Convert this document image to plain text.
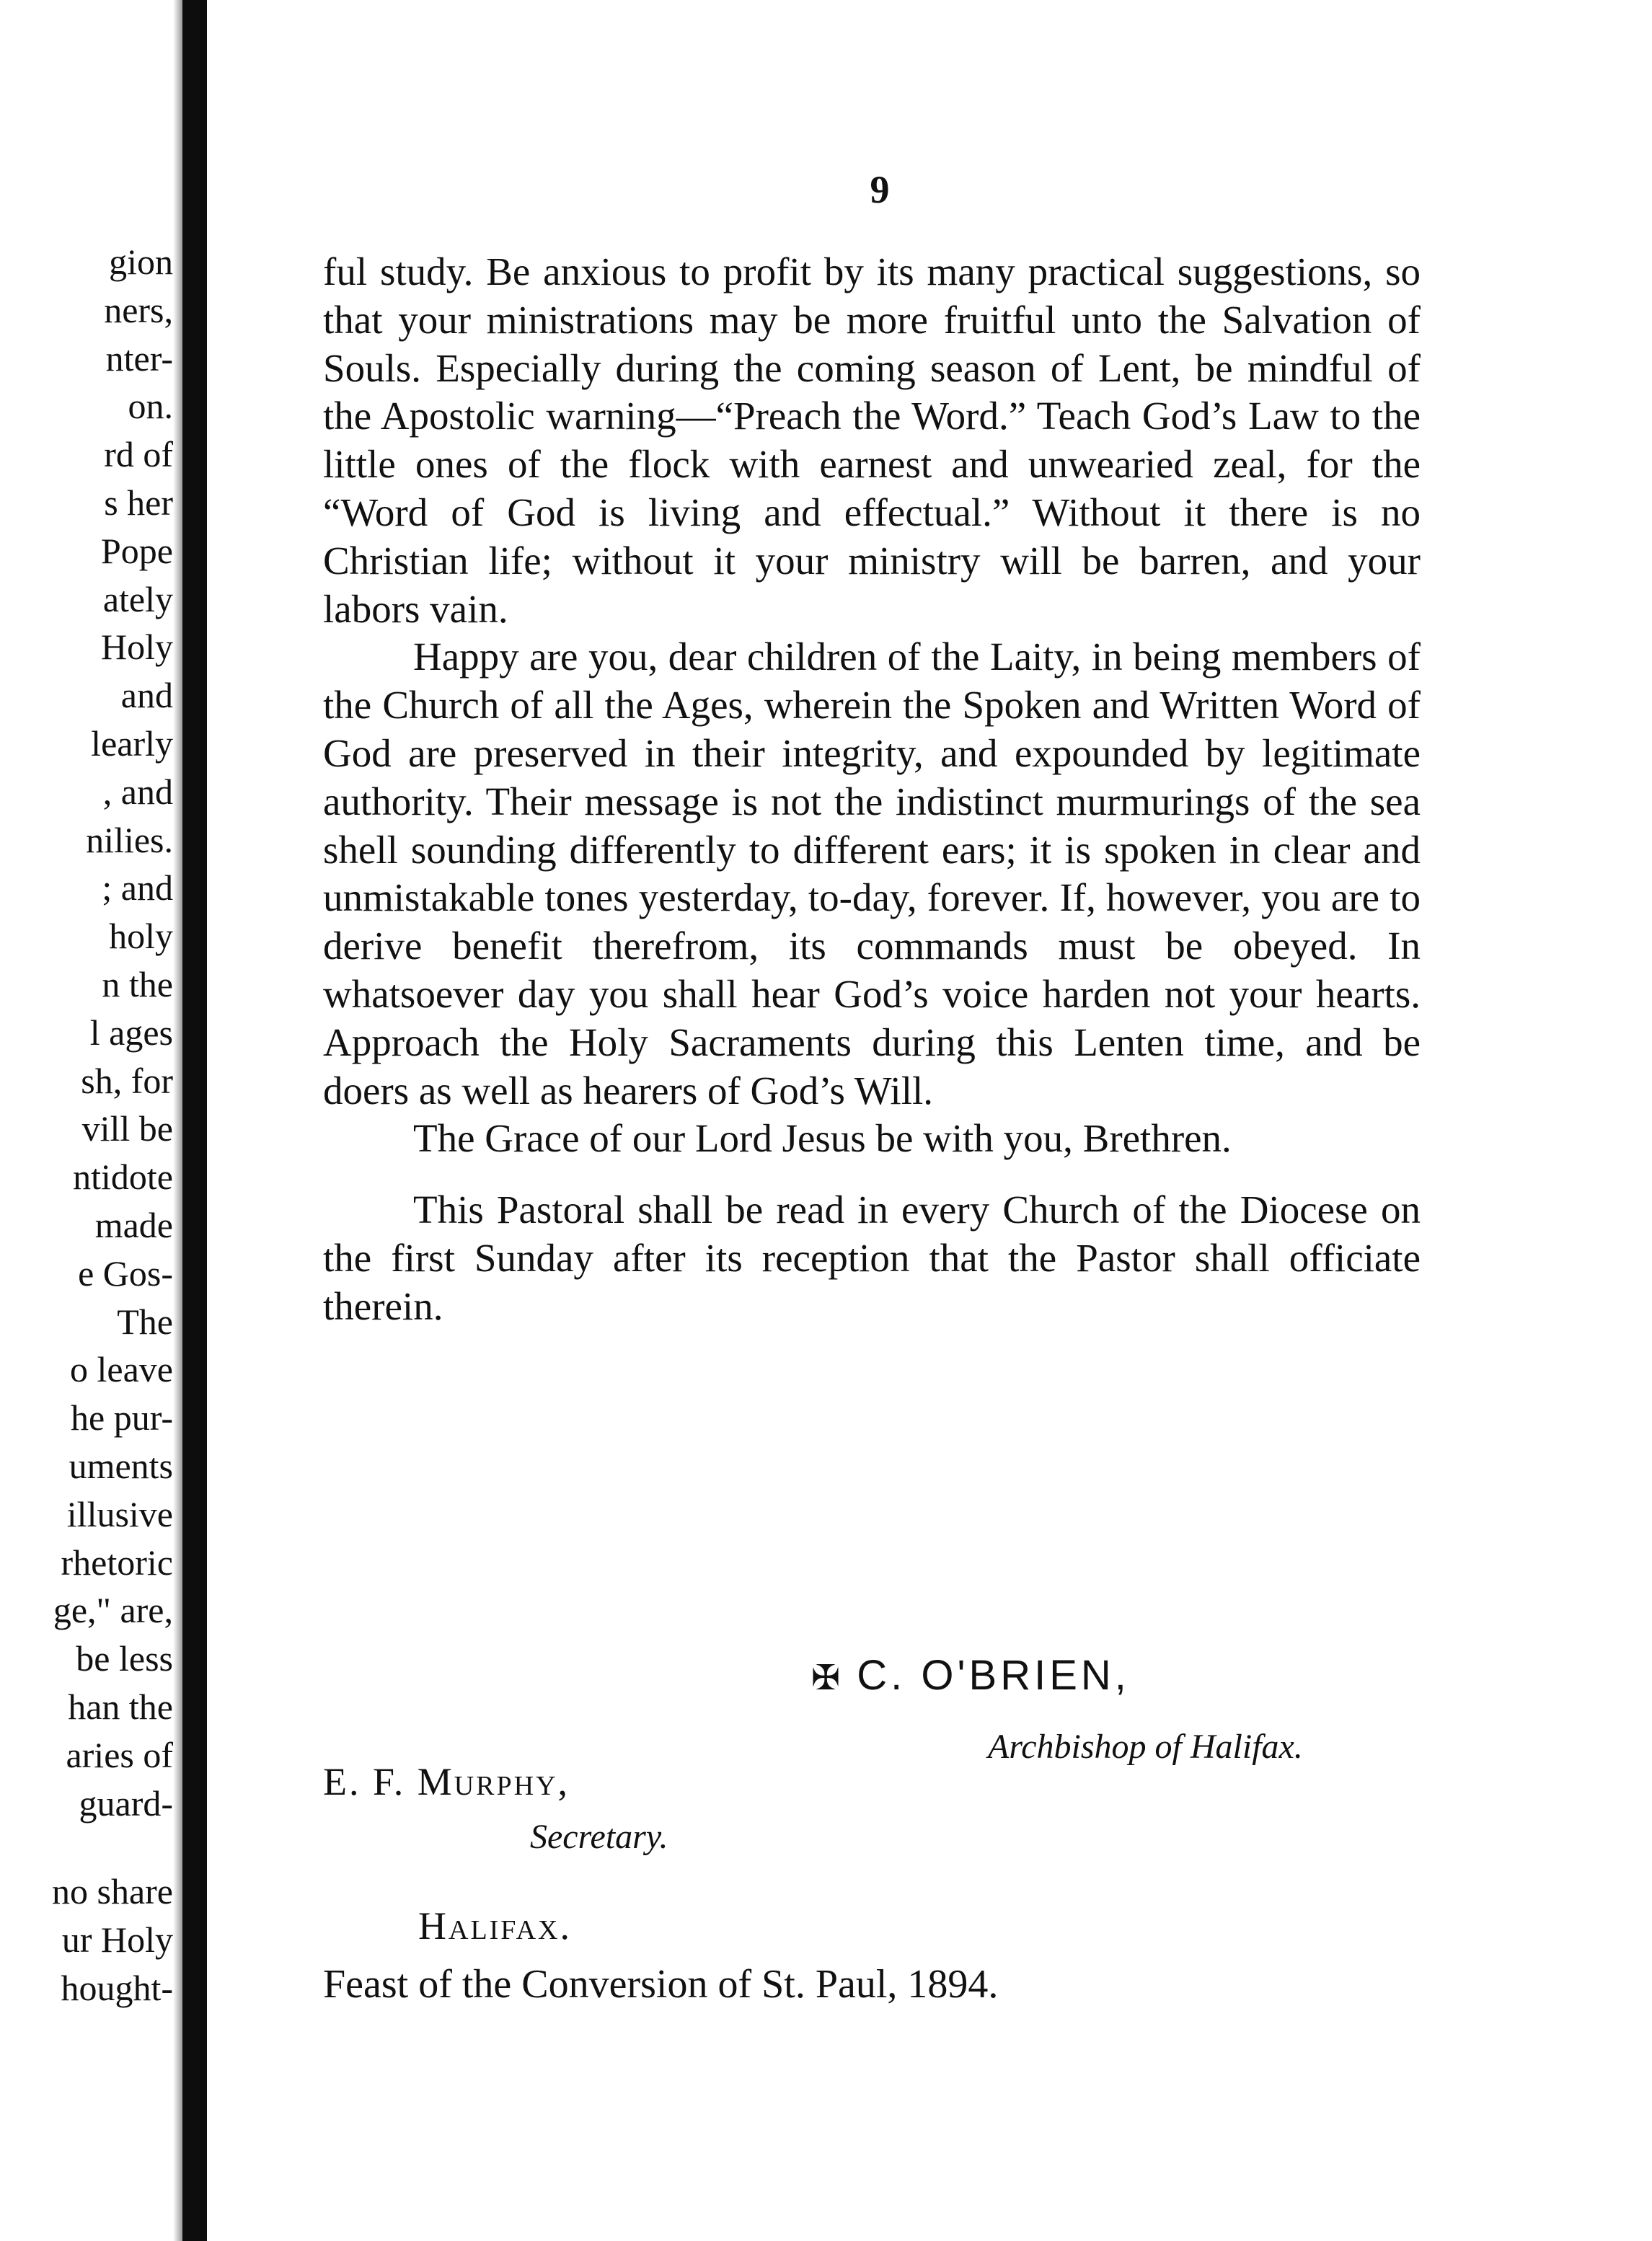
gion
ners,
nter-
on.
rd of
s her
Pope
ately
Holy
and
learly
, and
nilies.
; and
holy
n the
l ages
sh, for
vill be
ntidote
made
e Gos-
The
o leave
he pur-
uments
illusive
rhetoric
ge," are,
be less
han the
aries of
guard-
no share
ur Holy
hought-
9

ful study. Be anxious to profit by its many practical suggestions, so that your ministrations may be more fruitful unto the Salvation of Souls. Especially during the coming season of Lent, be mindful of the Apostolic warning—“Preach the Word.” Teach God’s Law to the little ones of the flock with earnest and unwearied zeal, for the “Word of God is living and effectual.” Without it there is no Christian life; without it your ministry will be barren, and your labors vain.

Happy are you, dear children of the Laity, in being members of the Church of all the Ages, wherein the Spoken and Written Word of God are preserved in their integrity, and expounded by legitimate authority. Their message is not the indistinct murmurings of the sea shell sounding differently to different ears; it is spoken in clear and unmistakable tones yesterday, to-day, forever. If, however, you are to derive benefit therefrom, its commands must be obeyed. In whatsoever day you shall hear God’s voice harden not your hearts. Approach the Holy Sacraments during this Lenten time, and be doers as well as hearers of God’s Will.

The Grace of our Lord Jesus be with you, Brethren.

This Pastoral shall be read in every Church of the Diocese on the first Sunday after its reception that the Pastor shall officiate therein.

✠ C. O'BRIEN,
Archbishop of Halifax.
E. F. Murphy,
Secretary.
Halifax.
Feast of the Conversion of St. Paul, 1894.
